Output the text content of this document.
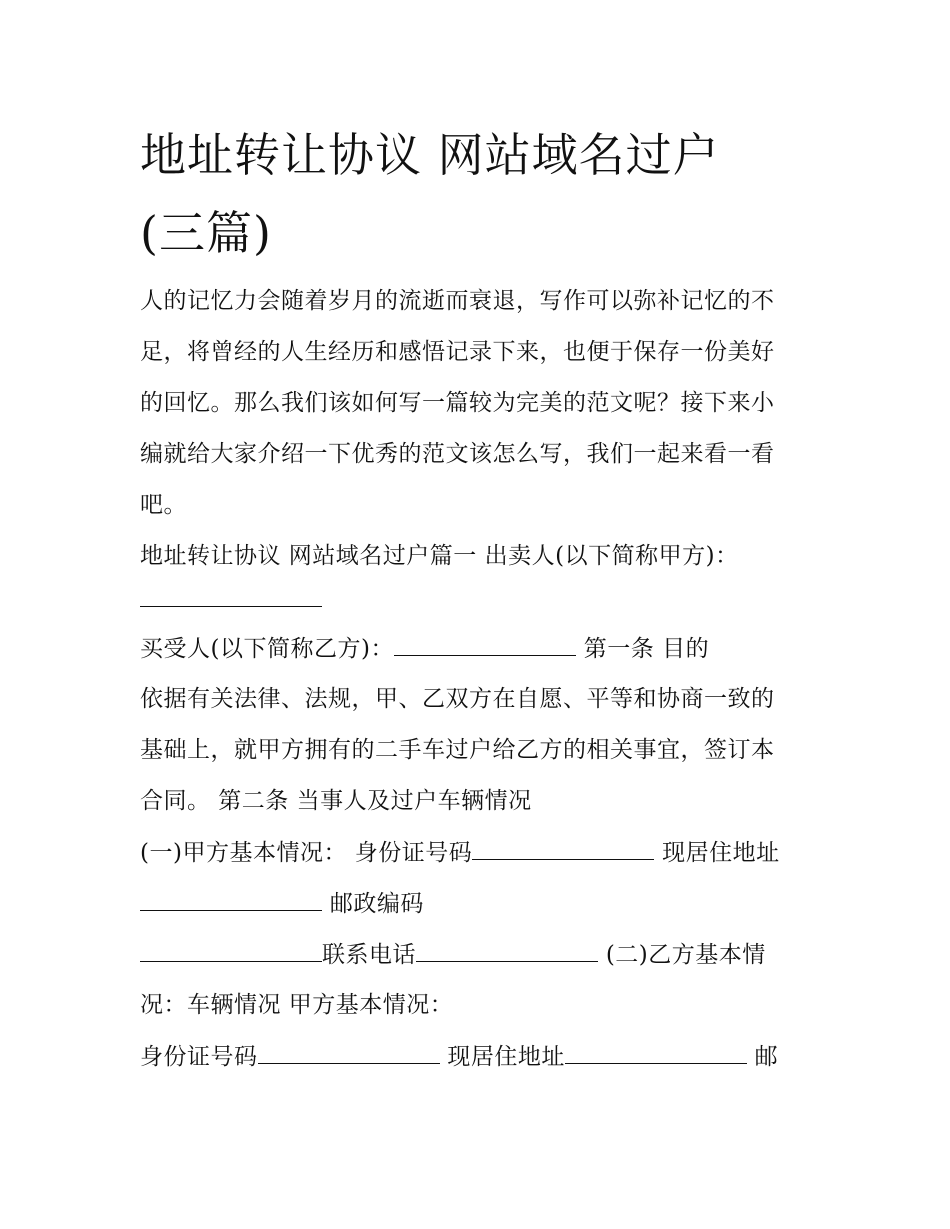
地址转让协议 网站域名过户
(三篇)
人的记忆力会随着岁月的流逝而衰退，写作可以弥补记忆的不
足，将曾经的人生经历和感悟记录下来，也便于保存一份美好
的回忆。那么我们该如何写一篇较为完美的范文呢？接下来小
编就给大家介绍一下优秀的范文该怎么写，我们一起来看一看
吧。
地址转让协议 网站域名过户篇一 出卖人(以下简称甲方)：
买受人(以下简称乙方)：	第一条 目的
依据有关法律、法规，甲、乙双方在自愿、平等和协商一致的
基础上，就甲方拥有的二手车过户给乙方的相关事宜，签订本
合同。 第二条 当事人及过户车辆情况
(一)甲方基本情况： 身份证号码	现居住地址
邮政编码
联系电话	(二)乙方基本情
况：车辆情况 甲方基本情况：
身份证号码	现居住地址	邮
